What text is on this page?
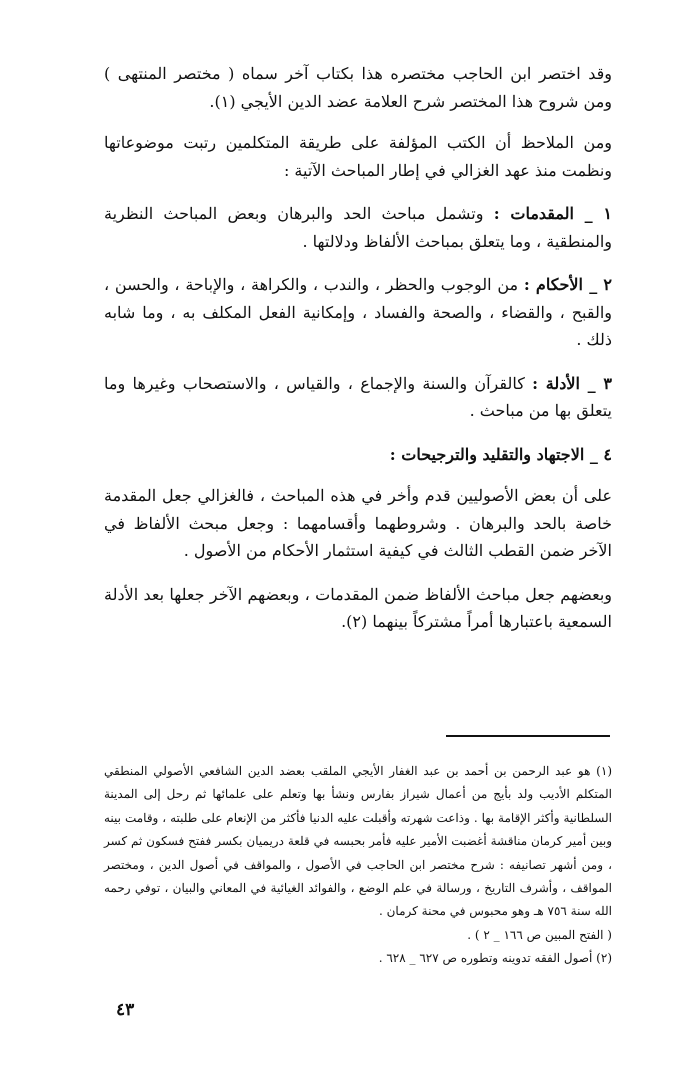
وقد اختصر ابن الحاجب مختصره هذا بكتاب آخر سماه ( مختصر المنتهى ) ومن شروح هذا المختصر شرح العلامة عضد الدين الأيجي (١).

ومن الملاحظ أن الكتب المؤلفة على طريقة المتكلمين رتبت موضوعاتها ونظمت منذ عهد الغزالي في إطار المباحث الآتية :

١ _ المقدمات : وتشمل مباحث الحد والبرهان وبعض المباحث النظرية والمنطقية ، وما يتعلق بمباحث الألفاظ ودلالتها .

٢ _ الأحكام : من الوجوب والحظر ، والندب ، والكراهة ، والإباحة ، والحسن ، والقبح ، والقضاء ، والصحة والفساد ، وإمكانية الفعل المكلف به ، وما شابه ذلك .

٣ _ الأدلة : كالقرآن والسنة والإجماع ، والقياس ، والاستصحاب وغيرها وما يتعلق بها من مباحث .

٤ _ الاجتهاد والتقليد والترجيحات :

على أن بعض الأصوليين قدم وأخر في هذه المباحث ، فالغزالي جعل المقدمة خاصة بالحد والبرهان . وشروطهما وأقسامهما : وجعل مبحث الألفاظ في الآخر ضمن القطب الثالث في كيفية استثمار الأحكام من الأصول .

وبعضهم جعل مباحث الألفاظ ضمن المقدمات ، وبعضهم الآخر جعلها بعد الأدلة السمعية باعتبارها أمراً مشتركاً بينهما (٢).

(١) هو عبد الرحمن بن أحمد بن عبد الغفار الأيجي الملقب بعضد الدين الشافعي الأصولي المنطقي المتكلم الأديب ولد بأيج من أعمال شيراز بفارس ونشأ بها وتعلم على علمائها ثم رحل إلى المدينة السلطانية وأكثر الإقامة بها . وذاعت شهرته وأقبلت عليه الدنيا فأكثر من الإنعام على طلبته ، وقامت بينه وبين أمير كرمان مناقشة أغضبت الأمير عليه فأمر بحبسه في قلعة دريميان بكسر ففتح فسكون ثم كسر ، ومن أشهر تصانيفه : شرح مختصر ابن الحاجب في الأصول ، والمواقف في أصول الدين ، ومختصر المواقف ، وأشرف التاريخ ، ورسالة في علم الوضع ، والفوائد الغيائية في المعاني والبيان ، توفي رحمه الله سنة ٧٥٦ هـ وهو محبوس في محنة كرمان .

( الفتح المبين ص ١٦٦ _ ٢ ) .

(٢) أصول الفقه تدوينه وتطوره ص ٦٢٧ _ ٦٢٨ .

٤٣
